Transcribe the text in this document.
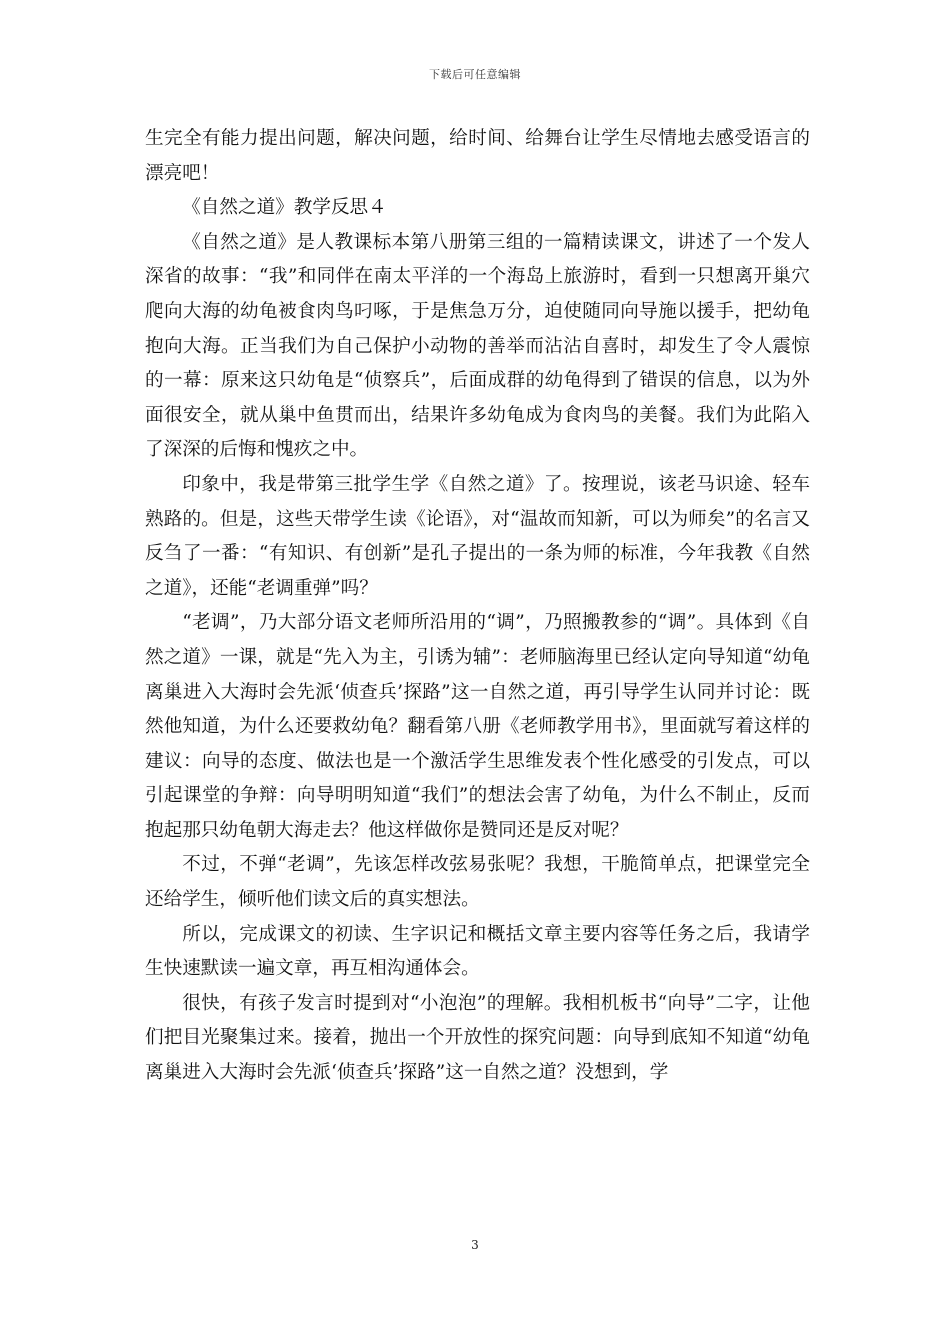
下载后可任意编辑

生完全有能力提出问题，解决问题，给时间、给舞台让学生尽情地去感受语言的漂亮吧！

《自然之道》教学反思４

《自然之道》是人教课标本第八册第三组的一篇精读课文，讲述了一个发人深省的故事：“我”和同伴在南太平洋的一个海岛上旅游时，看到一只想离开巢穴爬向大海的幼龟被食肉鸟叼啄，于是焦急万分，迫使随同向导施以援手，把幼龟抱向大海。正当我们为自己保护小动物的善举而沾沾自喜时，却发生了令人震惊的一幕：原来这只幼龟是“侦察兵”，后面成群的幼龟得到了错误的信息，以为外面很安全，就从巢中鱼贯而出，结果许多幼龟成为食肉鸟的美餐。我们为此陷入了深深的后悔和愧疚之中。

印象中，我是带第三批学生学《自然之道》了。按理说，该老马识途、轻车熟路的。但是，这些天带学生读《论语》，对“温故而知新，可以为师矣”的名言又反刍了一番：“有知识、有创新”是孔子提出的一条为师的标准，今年我教《自然之道》，还能“老调重弹”吗？

“老调”，乃大部分语文老师所沿用的“调”，乃照搬教参的“调”。具体到《自然之道》一课，就是“先入为主，引诱为辅”：老师脑海里已经认定向导知道“幼龟离巢进入大海时会先派‘侦查兵’探路”这一自然之道，再引导学生认同并讨论：既然他知道，为什么还要救幼龟？翻看第八册《老师教学用书》，里面就写着这样的建议：向导的态度、做法也是一个激活学生思维发表个性化感受的引发点，可以引起课堂的争辩：向导明明知道“我们”的想法会害了幼龟，为什么不制止，反而抱起那只幼龟朝大海走去？他这样做你是赞同还是反对呢？

不过，不弹“老调”，先该怎样改弦易张呢？我想，干脆简单点，把课堂完全还给学生，倾听他们读文后的真实想法。

所以，完成课文的初读、生字识记和概括文章主要内容等任务之后，我请学生快速默读一遍文章，再互相沟通体会。

很快，有孩子发言时提到对“小泡泡”的理解。我相机板书“向导”二字，让他们把目光聚集过来。接着，抛出一个开放性的探究问题：向导到底知不知道“幼龟离巢进入大海时会先派‘侦查兵’探路”这一自然之道？没想到，学

3
